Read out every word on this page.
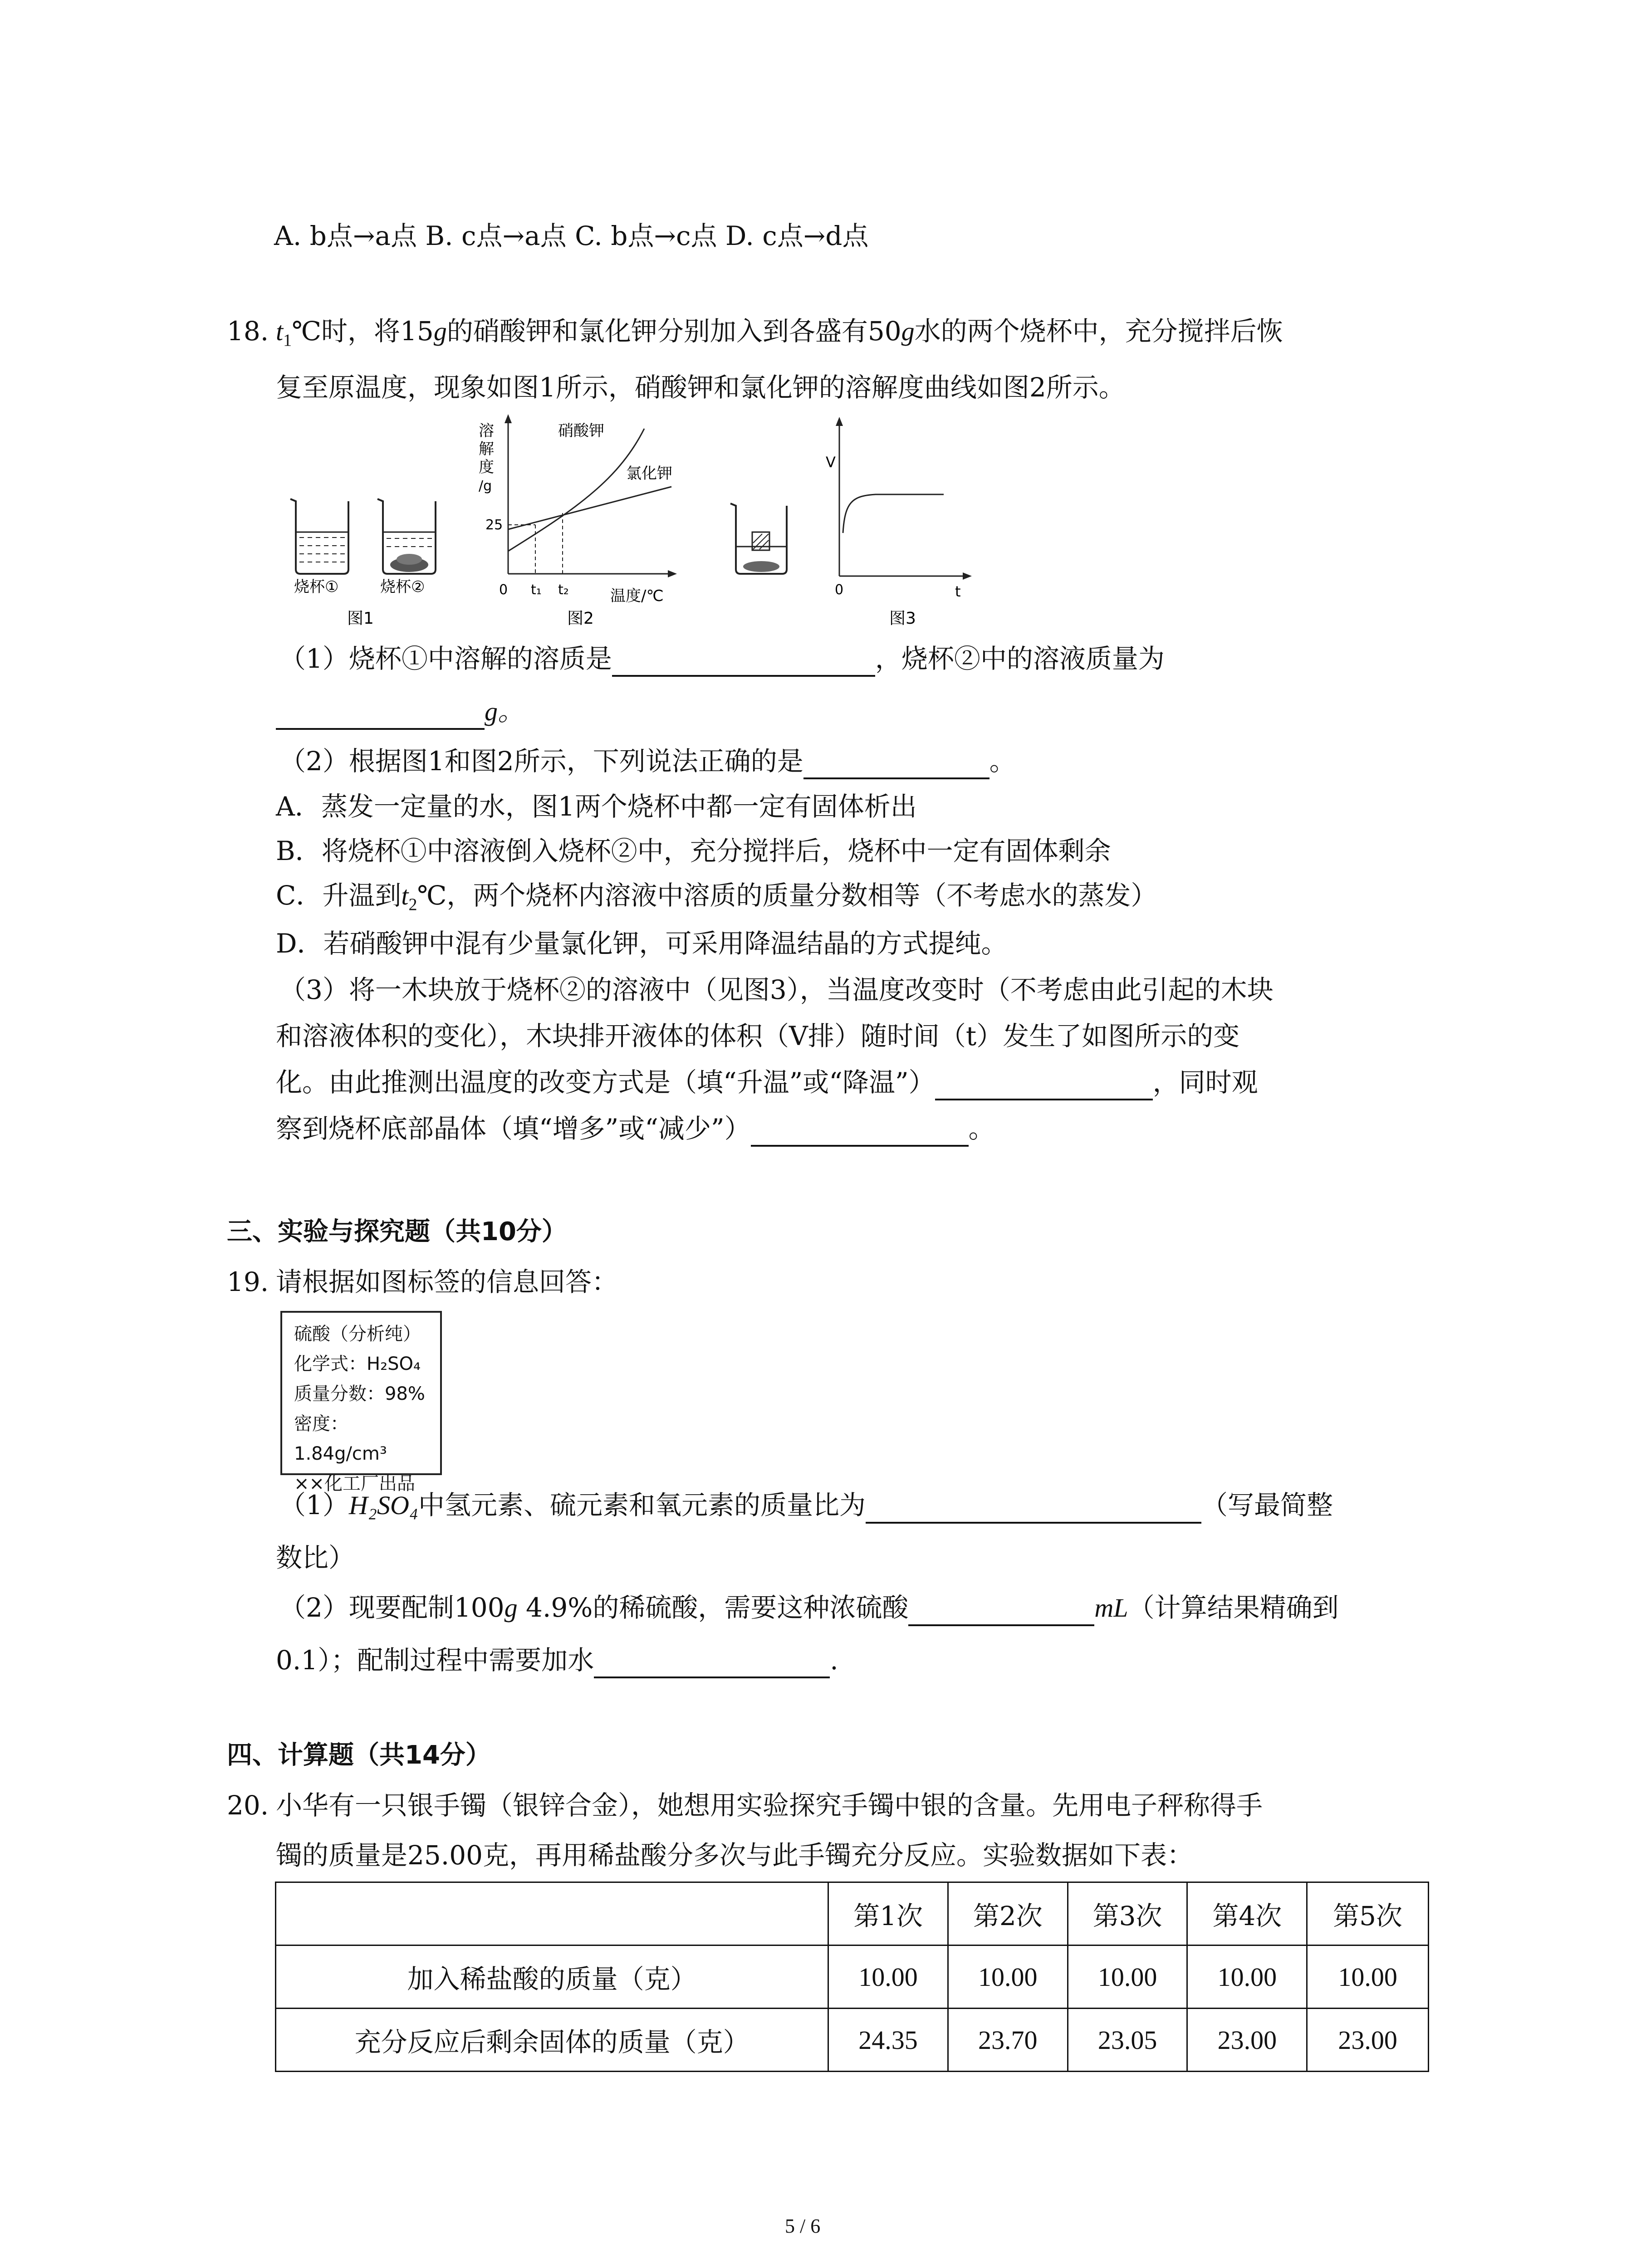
A. b点→a点 B. c点→a点 C. b点→c点 D. c点→d点
18. $t_1℃$时，将15g的硝酸钾和氯化钾分别加入到各盛有50g水的两个烧杯中，充分搅拌后恢
复至原温度，现象如图1所示，硝酸钾和氯化钾的溶解度曲线如图2所示。
烧杯①	烧杯②
图1
溶
解
度
/g
25
0 t₁ t₂	温度/℃
硝酸钾
氯化钾
图2
V
0	t
图3
（1）烧杯①中溶解的溶质是	，烧杯②中的溶液质量为
g。
（2）根据图1和图2所示，下列说法正确的是	。
A．蒸发一定量的水，图1两个烧杯中都一定有固体析出
B．将烧杯①中溶液倒入烧杯②中，充分搅拌后，烧杯中一定有固体剩余
C．升温到$t_2℃$，两个烧杯内溶液中溶质的质量分数相等（不考虑水的蒸发）
D．若硝酸钾中混有少量氯化钾，可采用降温结晶的方式提纯。
（3）将一木块放于烧杯②的溶液中（见图3），当温度改变时（不考虑由此引起的木块
和溶液体积的变化），木块排开液体的体积（V排）随时间（t）发生了如图所示的变
化。由此推测出温度的改变方式是（填“升温”或“降温”）	，同时观
察到烧杯底部晶体（填“增多”或“减少”）	。
三、实验与探究题（共10分）
19. 请根据如图标签的信息回答：
硫酸（分析纯）
化学式：H₂SO₄
质量分数：98%
密度：1.84g/cm³
××化工厂出品
（1）H₂SO₄中氢元素、硫元素和氧元素的质量比为	（写最简整
数比）
（2）现要配制100g 4.9%的稀硫酸，需要这种浓硫酸	mL（计算结果精确到
0.1）；配制过程中需要加水	.
四、计算题（共14分）
20. 小华有一只银手镯（银锌合金），她想用实验探究手镯中银的含量。先用电子秤称得手
镯的质量是25.00克，再用稀盐酸分多次与此手镯充分反应。实验数据如下表：
	第1次	第2次	第3次	第4次	第5次
加入稀盐酸的质量（克）	10.00	10.00	10.00	10.00	10.00
充分反应后剩余固体的质量（克）	24.35	23.70	23.05	23.00	23.00
5 / 6
